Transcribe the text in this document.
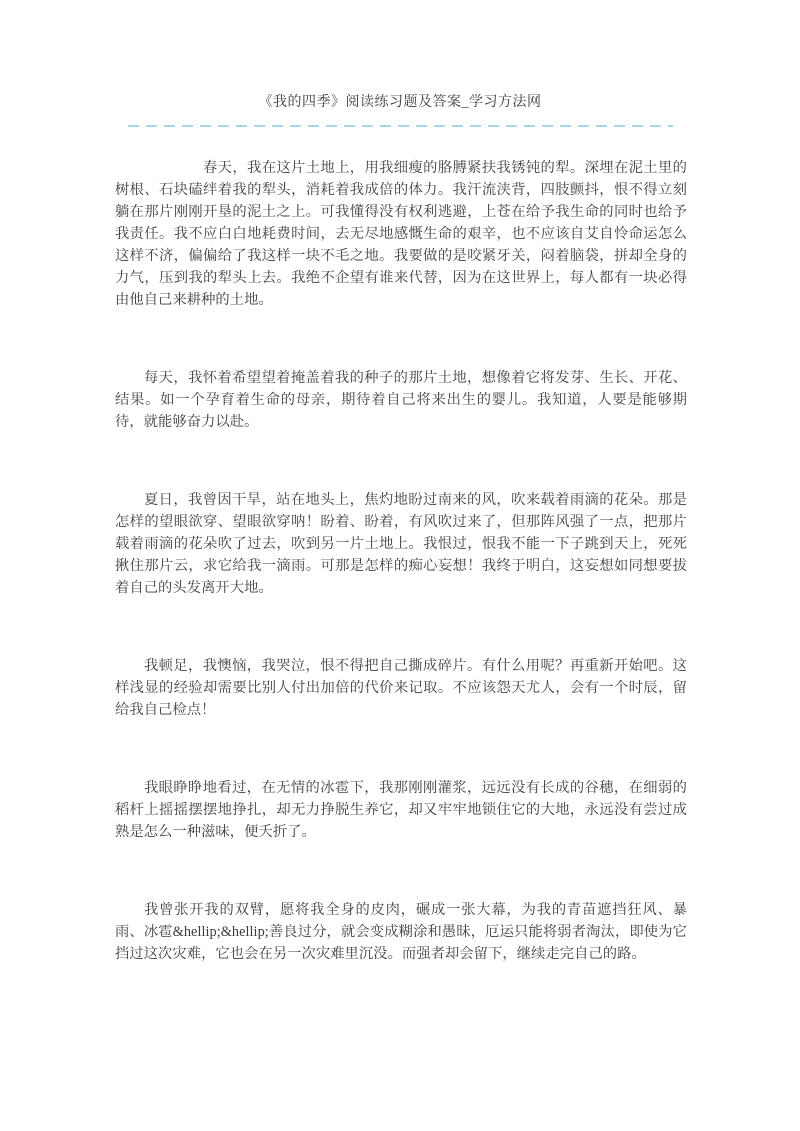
《我的四季》阅读练习题及答案_学习方法网

春天，我在这片土地上，用我细瘦的胳膊紧扶我锈钝的犁。深埋在泥土里的树根、石块磕绊着我的犁头，消耗着我成倍的体力。我汗流浃背，四肢颤抖，恨不得立刻躺在那片刚刚开垦的泥土之上。可我懂得没有权利逃避，上苍在给予我生命的同时也给予我责任。我不应白白地耗费时间，去无尽地感慨生命的艰辛，也不应该自艾自怜命运怎么这样不济，偏偏给了我这样一块不毛之地。我要做的是咬紧牙关，闷着脑袋，拼却全身的力气，压到我的犁头上去。我绝不企望有谁来代替，因为在这世界上，每人都有一块必得由他自己来耕种的土地。

每天，我怀着希望望着掩盖着我的种子的那片土地，想像着它将发芽、生长、开花、结果。如一个孕育着生命的母亲，期待着自己将来出生的婴儿。我知道，人要是能够期待，就能够奋力以赴。

夏日，我曾因干旱，站在地头上，焦灼地盼过南来的风，吹来载着雨滴的花朵。那是怎样的望眼欲穿、望眼欲穿呐！盼着、盼着，有风吹过来了，但那阵风强了一点，把那片载着雨滴的花朵吹了过去，吹到另一片土地上。我恨过，恨我不能一下子跳到天上，死死揪住那片云，求它给我一滴雨。可那是怎样的痴心妄想！我终于明白，这妄想如同想要拔着自己的头发离开大地。

我顿足，我懊恼，我哭泣，恨不得把自己撕成碎片。有什么用呢？再重新开始吧。这样浅显的经验却需要比别人付出加倍的代价来记取。不应该怨天尤人，会有一个时辰，留给我自己检点！

我眼睁睁地看过，在无情的冰雹下，我那刚刚灌浆，远远没有长成的谷穗，在细弱的稻杆上摇摇摆摆地挣扎，却无力挣脱生养它，却又牢牢地锁住它的大地，永远没有尝过成熟是怎么一种滋味，便夭折了。

我曾张开我的双臂，愿将我全身的皮肉，碾成一张大幕，为我的青苗遮挡狂风、暴雨、冰雹&hellip;&hellip;善良过分，就会变成糊涂和愚昧，厄运只能将弱者淘汰，即使为它挡过这次灾难，它也会在另一次灾难里沉没。而强者却会留下，继续走完自己的路。
